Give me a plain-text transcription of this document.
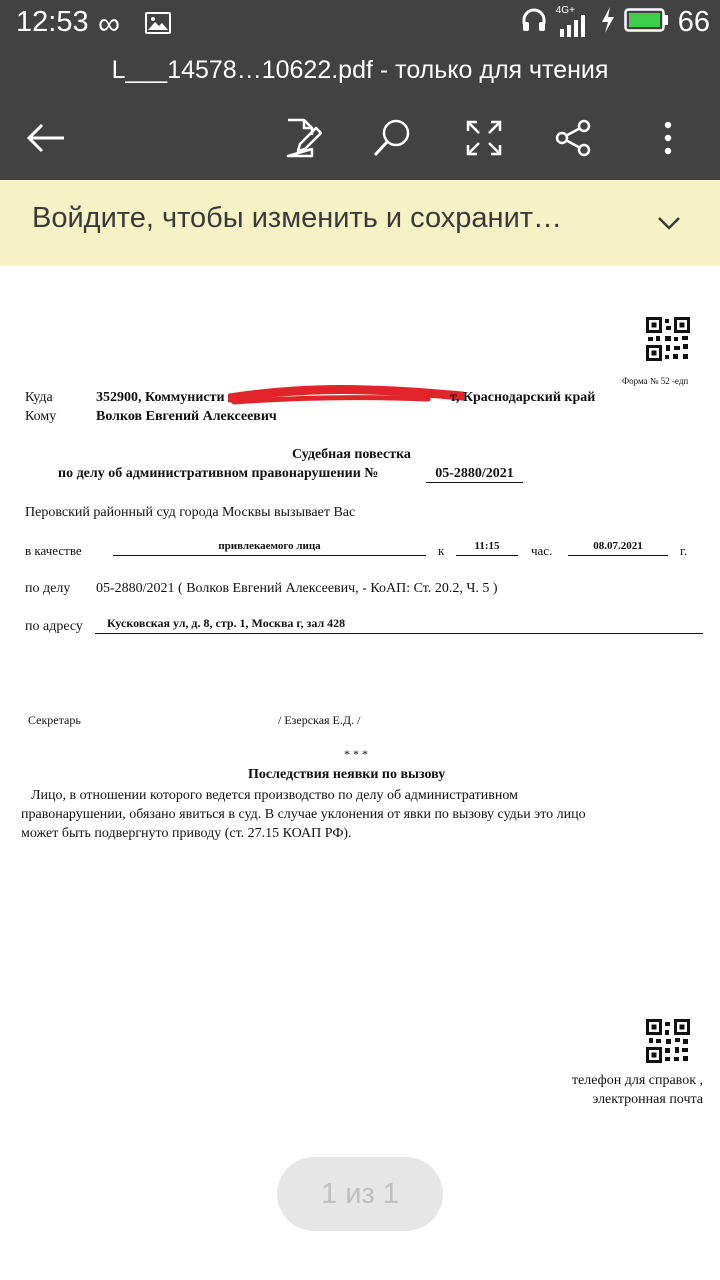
12:53 ∞	4G+	66
L___14578…10622.pdf - только для чтения
Войдите, чтобы изменить и сохранит…
Форма № 52 -едп
Куда	352900, Коммунисти	т, Краснодарский край
Кому	Волков Евгений Алексеевич
Судебная повестка
по делу об административном правонарушении №	05-2880/2021
Перовский районный суд города Москвы вызывает Вас
в качестве	привлекаемого лица	к	11:15	час.	08.07.2021	г.
по делу 05-2880/2021 ( Волков Евгений Алексеевич, - КоАП: Ст. 20.2, Ч. 5 )
по адресу	Кусковская ул, д. 8, стр. 1, Москва г, зал 428
Секретарь	/ Езерская Е.Д. /
* * *
Последствия неявки по вызову
Лицо, в отношении которого ведется производство по делу об административном
правонарушении, обязано явиться в суд. В случае уклонения от явки по вызову судьи это лицо
может быть подвергнуто приводу (ст. 27.15 КОАП РФ).
телефон для справок ,
электронная почта
1 из 1
